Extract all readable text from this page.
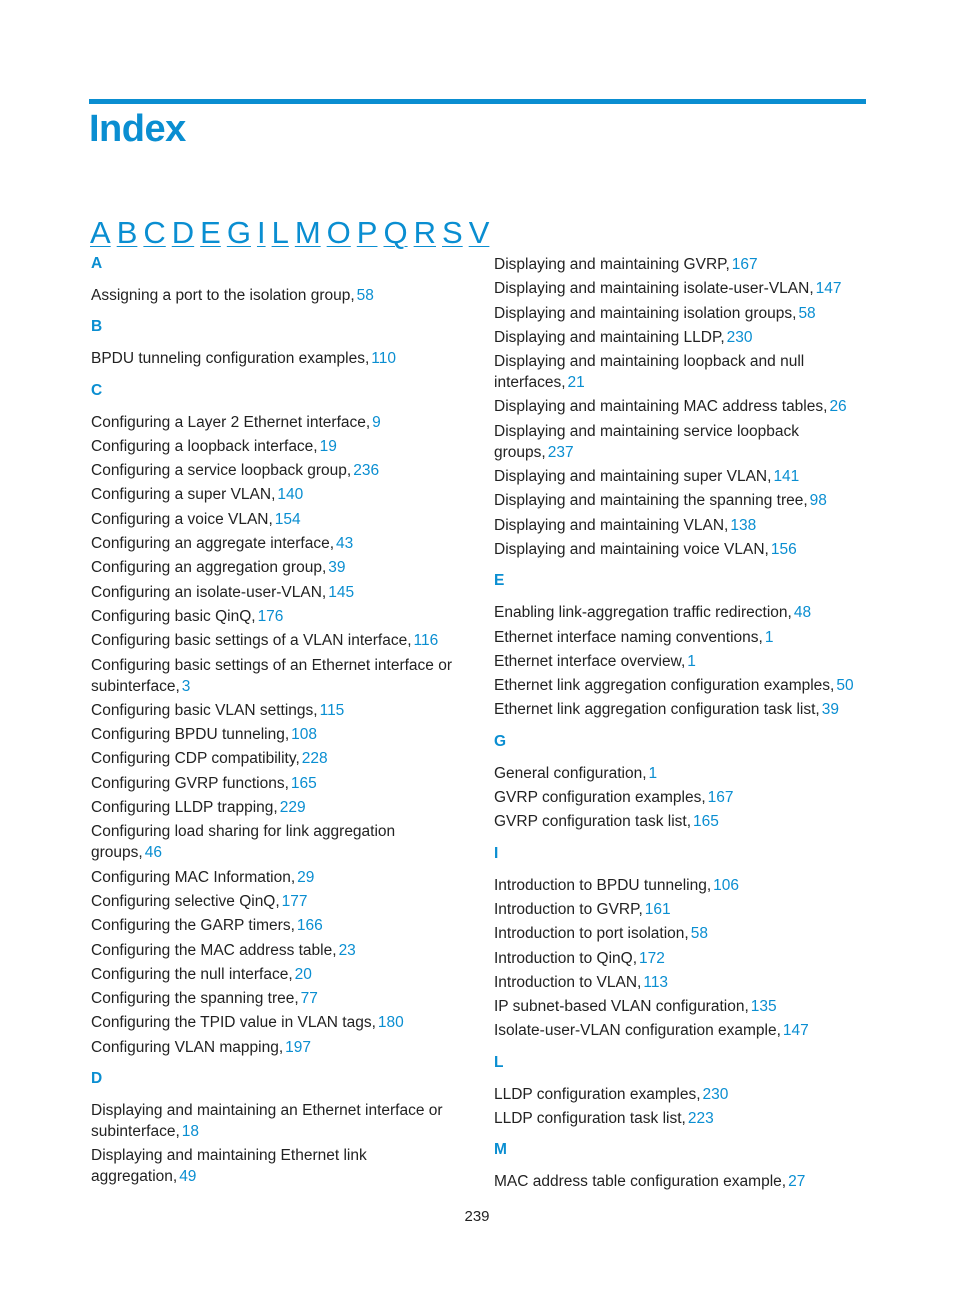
Index
A B C D E G I L M O P Q R S V
A
Assigning a port to the isolation group, 58
B
BPDU tunneling configuration examples, 110
C
Configuring a Layer 2 Ethernet interface, 9
Configuring a loopback interface, 19
Configuring a service loopback group, 236
Configuring a super VLAN, 140
Configuring a voice VLAN, 154
Configuring an aggregate interface, 43
Configuring an aggregation group, 39
Configuring an isolate-user-VLAN, 145
Configuring basic QinQ, 176
Configuring basic settings of a VLAN interface, 116
Configuring basic settings of an Ethernet interface or subinterface, 3
Configuring basic VLAN settings, 115
Configuring BPDU tunneling, 108
Configuring CDP compatibility, 228
Configuring GVRP functions, 165
Configuring LLDP trapping, 229
Configuring load sharing for link aggregation groups, 46
Configuring MAC Information, 29
Configuring selective QinQ, 177
Configuring the GARP timers, 166
Configuring the MAC address table, 23
Configuring the null interface, 20
Configuring the spanning tree, 77
Configuring the TPID value in VLAN tags, 180
Configuring VLAN mapping, 197
D
Displaying and maintaining an Ethernet interface or subinterface, 18
Displaying and maintaining Ethernet link aggregation, 49
Displaying and maintaining GVRP, 167
Displaying and maintaining isolate-user-VLAN, 147
Displaying and maintaining isolation groups, 58
Displaying and maintaining LLDP, 230
Displaying and maintaining loopback and null interfaces, 21
Displaying and maintaining MAC address tables, 26
Displaying and maintaining service loopback groups, 237
Displaying and maintaining super VLAN, 141
Displaying and maintaining the spanning tree, 98
Displaying and maintaining VLAN, 138
Displaying and maintaining voice VLAN, 156
E
Enabling link-aggregation traffic redirection, 48
Ethernet interface naming conventions, 1
Ethernet interface overview, 1
Ethernet link aggregation configuration examples, 50
Ethernet link aggregation configuration task list, 39
G
General configuration, 1
GVRP configuration examples, 167
GVRP configuration task list, 165
I
Introduction to BPDU tunneling, 106
Introduction to GVRP, 161
Introduction to port isolation, 58
Introduction to QinQ, 172
Introduction to VLAN, 113
IP subnet-based VLAN configuration, 135
Isolate-user-VLAN configuration example, 147
L
LLDP configuration examples, 230
LLDP configuration task list, 223
M
MAC address table configuration example, 27
239
